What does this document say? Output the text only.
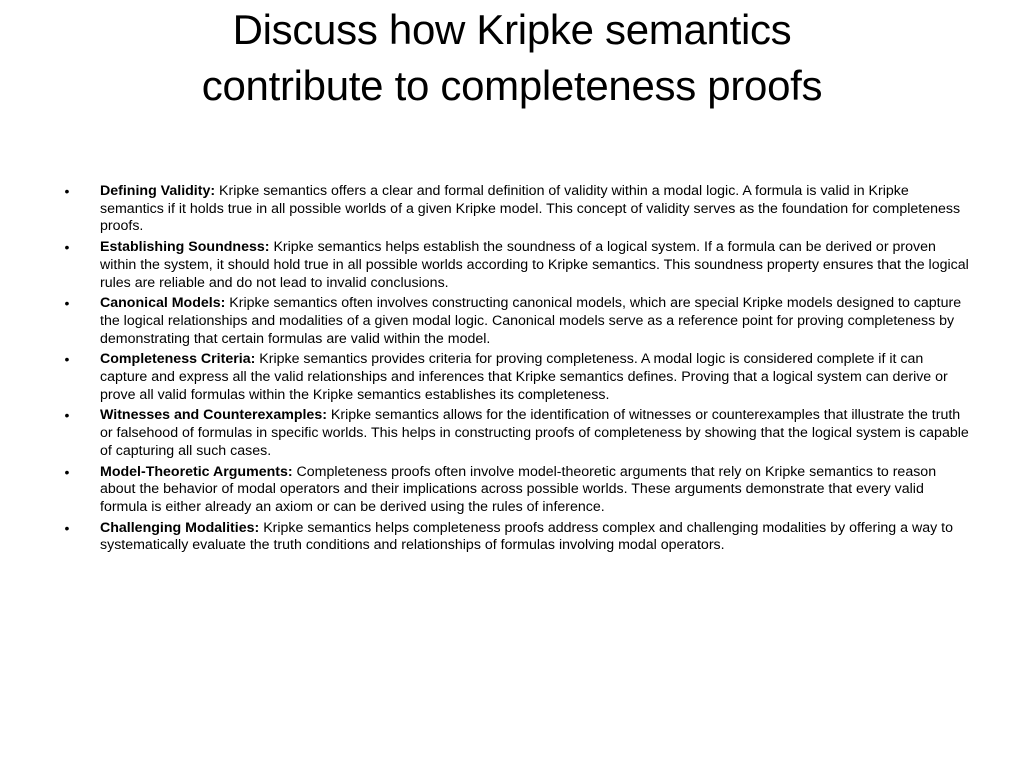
Discuss how Kripke semantics
contribute to completeness proofs
• Defining Validity: Kripke semantics offers a clear and formal definition of validity within a modal logic. A formula is valid in Kripke semantics if it holds true in all possible worlds of a given Kripke model. This concept of validity serves as the foundation for completeness proofs.
• Establishing Soundness: Kripke semantics helps establish the soundness of a logical system. If a formula can be derived or proven within the system, it should hold true in all possible worlds according to Kripke semantics. This soundness property ensures that the logical rules are reliable and do not lead to invalid conclusions.
• Canonical Models: Kripke semantics often involves constructing canonical models, which are special Kripke models designed to capture the logical relationships and modalities of a given modal logic. Canonical models serve as a reference point for proving completeness by demonstrating that certain formulas are valid within the model.
• Completeness Criteria: Kripke semantics provides criteria for proving completeness. A modal logic is considered complete if it can capture and express all the valid relationships and inferences that Kripke semantics defines. Proving that a logical system can derive or prove all valid formulas within the Kripke semantics establishes its completeness.
• Witnesses and Counterexamples: Kripke semantics allows for the identification of witnesses or counterexamples that illustrate the truth or falsehood of formulas in specific worlds. This helps in constructing proofs of completeness by showing that the logical system is capable of capturing all such cases.
• Model-Theoretic Arguments: Completeness proofs often involve model-theoretic arguments that rely on Kripke semantics to reason about the behavior of modal operators and their implications across possible worlds. These arguments demonstrate that every valid formula is either already an axiom or can be derived using the rules of inference.
• Challenging Modalities: Kripke semantics helps completeness proofs address complex and challenging modalities by offering a way to systematically evaluate the truth conditions and relationships of formulas involving modal operators.
